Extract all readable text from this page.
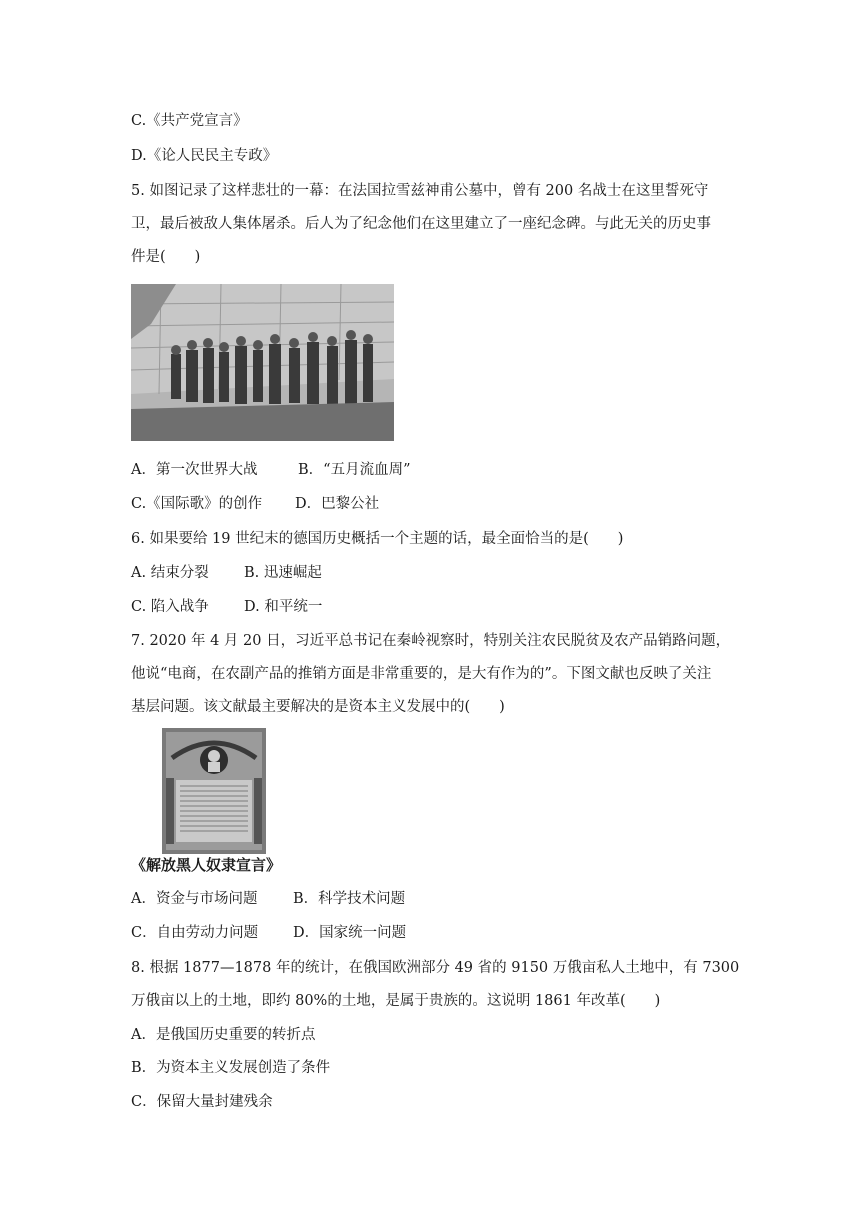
C.《共产党宣言》
D.《论人民民主专政》
5. 如图记录了这样悲壮的一幕：在法国拉雪兹神甫公墓中，曾有 200 名战士在这里誓死守
卫，最后被敌人集体屠杀。后人为了纪念他们在这里建立了一座纪念碑。与此无关的历史事
件是(　　)
A．第一次世界大战	B．“五月流血周”
C.《国际歌》的创作 D．巴黎公社
6. 如果要给 19 世纪末的德国历史概括一个主题的话，最全面恰当的是(　　)
A. 结束分裂 B. 迅速崛起
C. 陷入战争 D. 和平统一
7. 2020 年 4 月 20 日，习近平总书记在秦岭视察时，特别关注农民脱贫及农产品销路问题，
他说“电商，在农副产品的推销方面是非常重要的，是大有作为的”。下图文献也反映了关注
基层问题。该文献最主要解决的是资本主义发展中的(　　)
《解放黑人奴隶宣言》
A．资金与市场问题 B．科学技术问题
C．自由劳动力问题 D．国家统一问题
8. 根据 1877—1878 年的统计，在俄国欧洲部分 49 省的 9150 万俄亩私人土地中，有 7300
万俄亩以上的土地，即约 80%的土地，是属于贵族的。这说明 1861 年改革(　　)
A．是俄国历史重要的转折点
B．为资本主义发展创造了条件
C．保留大量封建残余
